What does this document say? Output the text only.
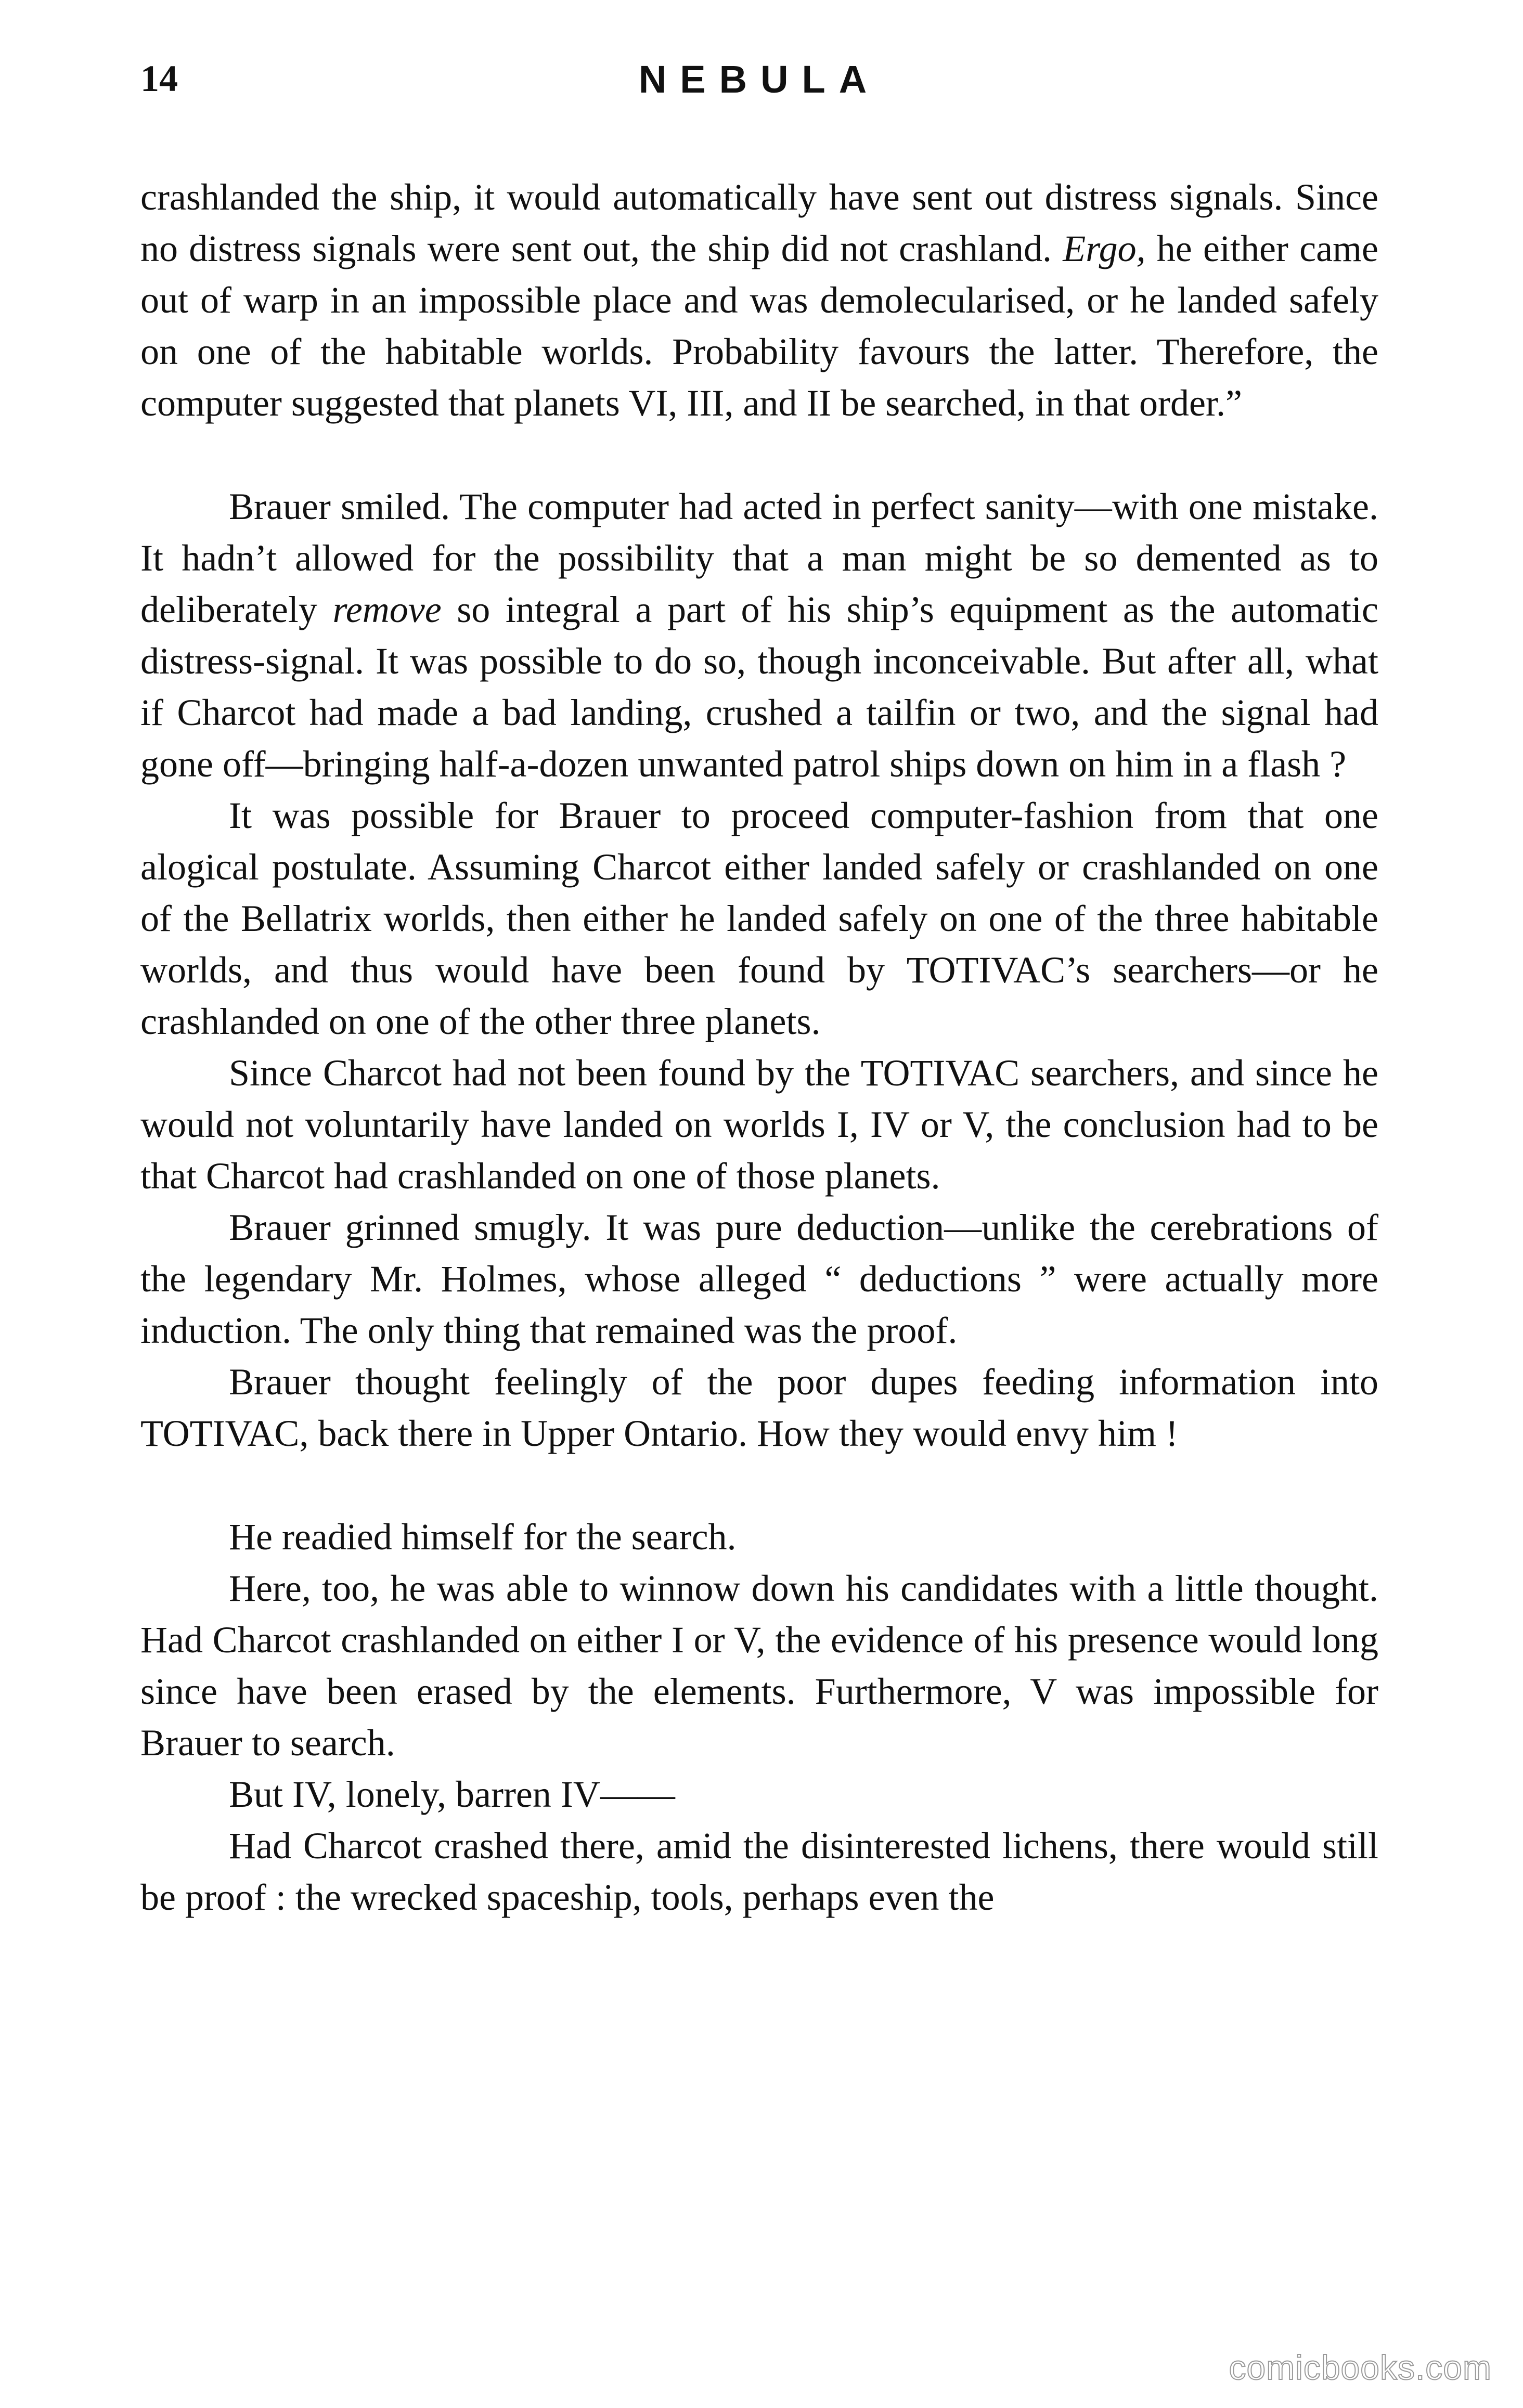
14	NEBULA

crashlanded the ship, it would automatically have sent out distress signals. Since no distress signals were sent out, the ship did not crashland. Ergo, he either came out of warp in an impossible place and was demolecularised, or he landed safely on one of the habitable worlds. Probability favours the latter. Therefore, the computer suggested that planets VI, III, and II be searched, in that order.”

Brauer smiled. The computer had acted in perfect sanity—with one mistake. It hadn’t allowed for the possibility that a man might be so demented as to deliberately remove so integral a part of his ship’s equipment as the automatic distress-signal. It was possible to do so, though inconceivable. But after all, what if Charcot had made a bad landing, crushed a tailfin or two, and the signal had gone off—bringing half-a-dozen unwanted patrol ships down on him in a flash ?

It was possible for Brauer to proceed computer-fashion from that one alogical postulate. Assuming Charcot either landed safely or crashlanded on one of the Bellatrix worlds, then either he landed safely on one of the three habitable worlds, and thus would have been found by TOTIVAC’s searchers—or he crashlanded on one of the other three planets.

Since Charcot had not been found by the TOTIVAC searchers, and since he would not voluntarily have landed on worlds I, IV or V, the conclusion had to be that Charcot had crashlanded on one of those planets.

Brauer grinned smugly. It was pure deduction—unlike the cerebrations of the legendary Mr. Holmes, whose alleged “ deductions ” were actually more induction. The only thing that remained was the proof.

Brauer thought feelingly of the poor dupes feeding information into TOTIVAC, back there in Upper Ontario. How they would envy him !

He readied himself for the search.

Here, too, he was able to winnow down his candidates with a little thought. Had Charcot crashlanded on either I or V, the evidence of his presence would long since have been erased by the elements. Furthermore, V was impossible for Brauer to search.

But IV, lonely, barren IV——

Had Charcot crashed there, amid the disinterested lichens, there would still be proof : the wrecked spaceship, tools, perhaps even the

comicbooks.com
